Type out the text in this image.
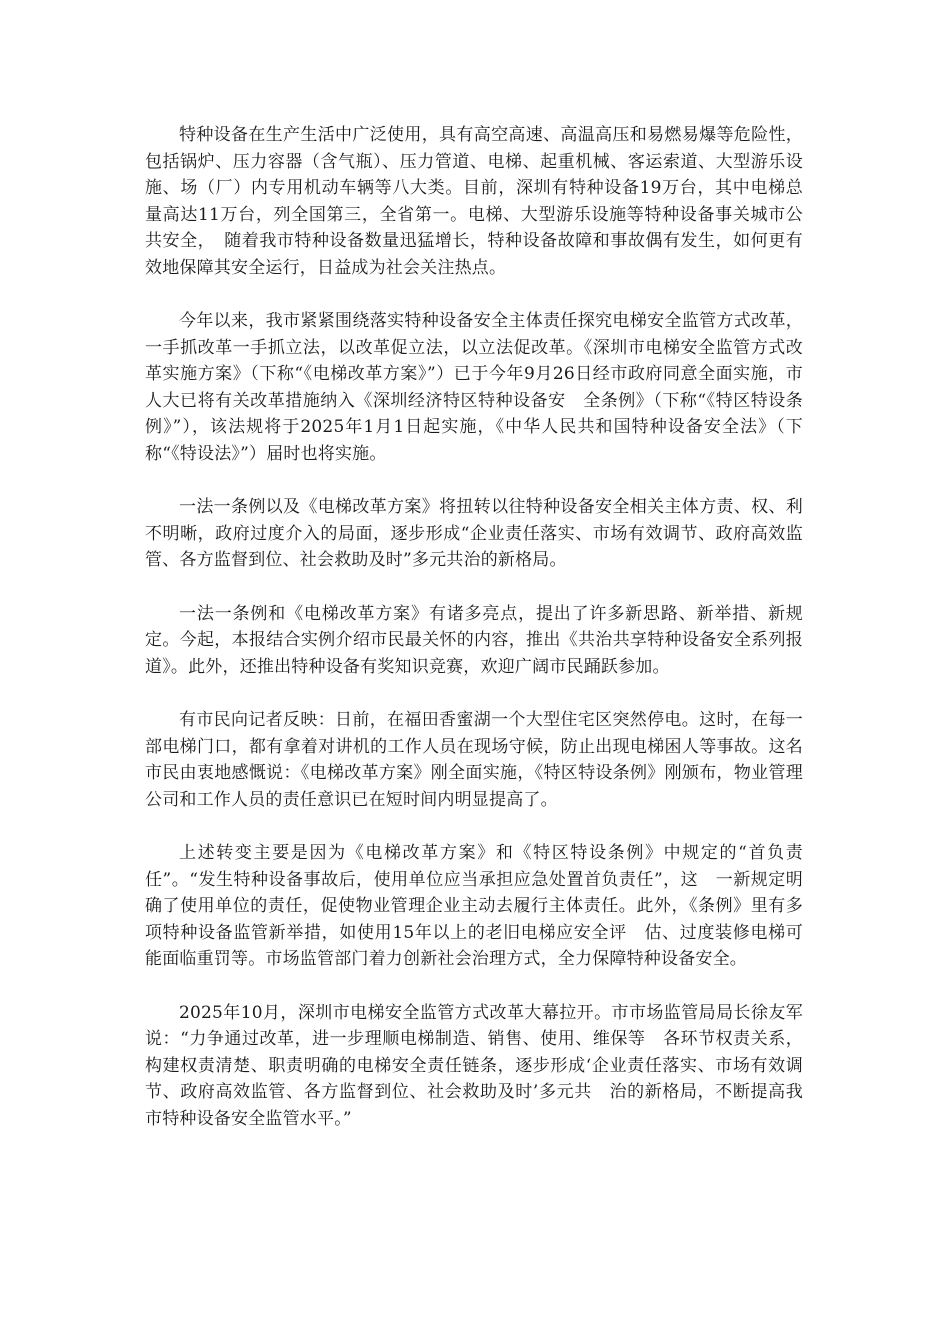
特种设备在生产生活中广泛使用，具有高空高速、高温高压和易燃易爆等危险性，包括锅炉、压力容器（含气瓶）、压力管道、电梯、起重机械、客运索道、大型游乐设施、场（厂）内专用机动车辆等八大类。目前，深圳有特种设备19万台，其中电梯总量高达11万台，列全国第三，全省第一。电梯、大型游乐设施等特种设备事关城市公共安全，　随着我市特种设备数量迅猛增长，特种设备故障和事故偶有发生，如何更有效地保障其安全运行，日益成为社会关注热点。

今年以来，我市紧紧围绕落实特种设备安全主体责任探究电梯安全监管方式改革，一手抓改革一手抓立法，以改革促立法，以立法促改革。《深圳市电梯安全监管方式改革实施方案》（下称“《电梯改革方案》”）已于今年9月26日经市政府同意全面实施，市人大已将有关改革措施纳入《深圳经济特区特种设备安　全条例》（下称“《特区特设条例》”），该法规将于2025年1月1日起实施，《中华人民共和国特种设备安全法》（下称“《特设法》”）届时也将实施。

一法一条例以及《电梯改革方案》将扭转以往特种设备安全相关主体方责、权、利不明晰，政府过度介入的局面，逐步形成“企业责任落实、市场有效调节、政府高效监管、各方监督到位、社会救助及时”多元共治的新格局。

一法一条例和《电梯改革方案》有诸多亮点，提出了许多新思路、新举措、新规定。今起，本报结合实例介绍市民最关怀的内容，推出《共治共享特种设备安全系列报道》。此外，还推出特种设备有奖知识竞赛，欢迎广阔市民踊跃参加。

有市民向记者反映：日前，在福田香蜜湖一个大型住宅区突然停电。这时，在每一部电梯门口，都有拿着对讲机的工作人员在现场守候，防止出现电梯困人等事故。这名市民由衷地感慨说：《电梯改革方案》刚全面实施，《特区特设条例》刚颁布，物业管理公司和工作人员的责任意识已在短时间内明显提高了。

上述转变主要是因为《电梯改革方案》和《特区特设条例》中规定的“首负责任”。“发生特种设备事故后，使用单位应当承担应急处置首负责任”，这　一新规定明确了使用单位的责任，促使物业管理企业主动去履行主体责任。此外，《条例》里有多项特种设备监管新举措，如使用15年以上的老旧电梯应安全评　估、过度装修电梯可能面临重罚等。市场监管部门着力创新社会治理方式，全力保障特种设备安全。

2025年10月，深圳市电梯安全监管方式改革大幕拉开。市市场监管局局长徐友军说：“力争通过改革，进一步理顺电梯制造、销售、使用、维保等　各环节权责关系，构建权责清楚、职责明确的电梯安全责任链条，逐步形成‘企业责任落实、市场有效调节、政府高效监管、各方监督到位、社会救助及时’多元共　治的新格局，不断提高我市特种设备安全监管水平。”
